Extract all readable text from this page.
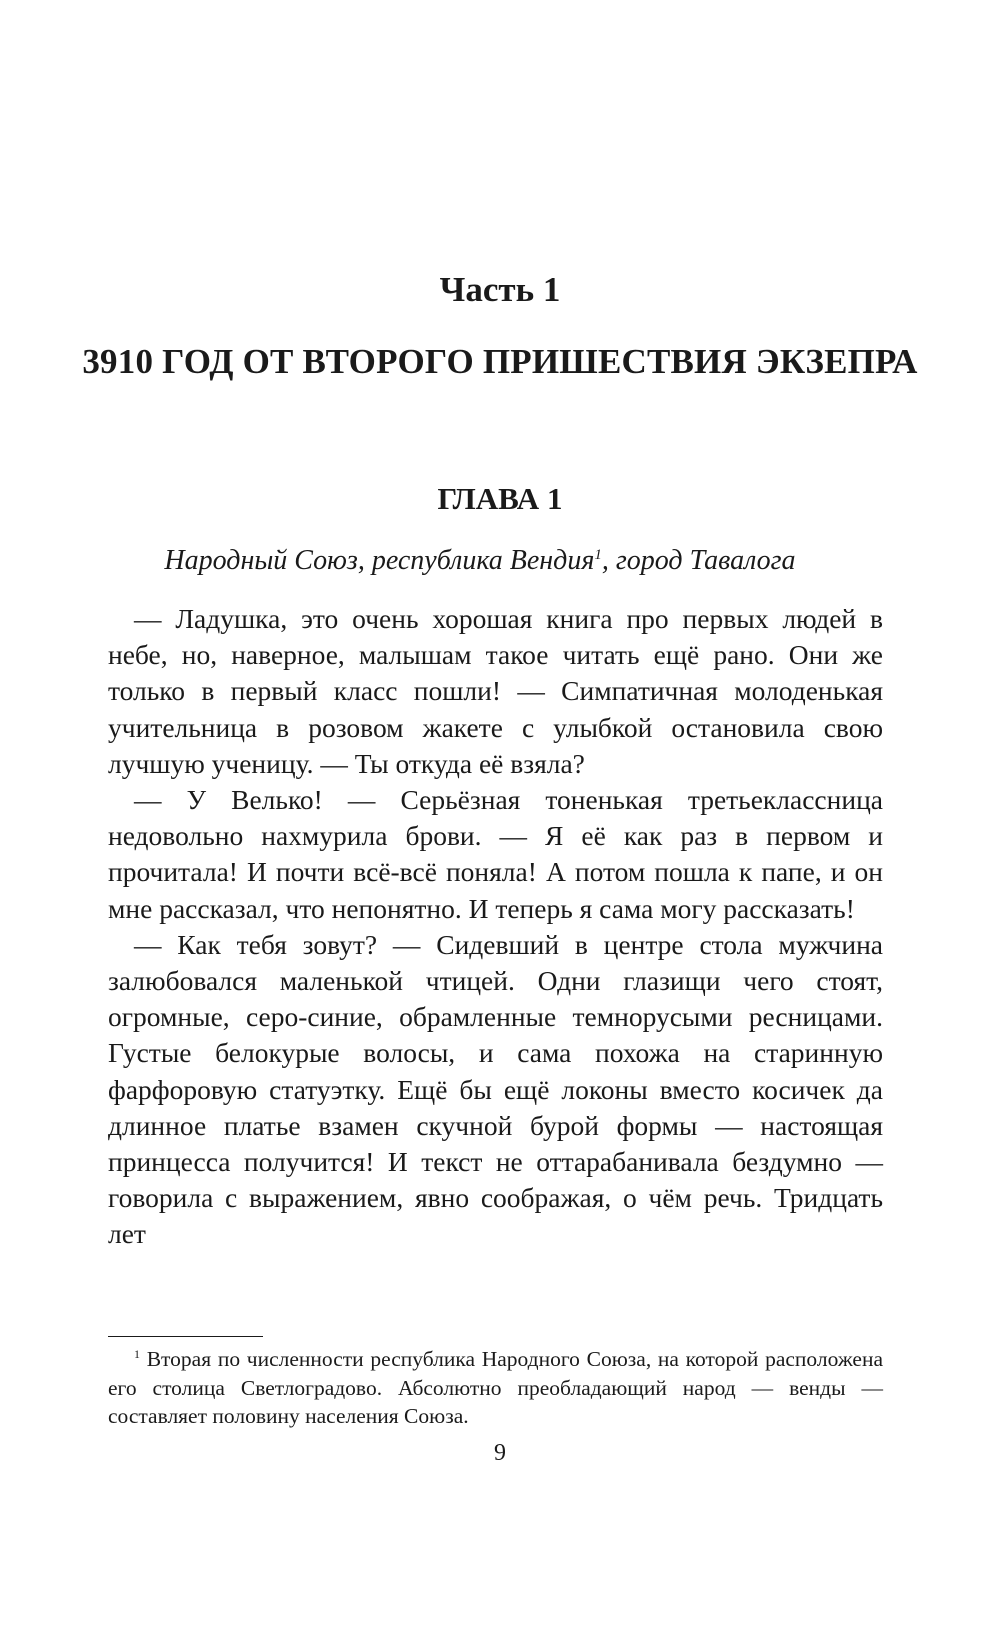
Часть 1
3910 ГОД ОТ ВТОРОГО ПРИШЕСТВИЯ ЭКЗЕПРА
ГЛАВА 1
Народный Союз, республика Вендия$^1$, город Тавалога

— Ладушка, это очень хорошая книга про первых людей в небе, но, наверное, малышам такое читать ещё рано. Они же только в первый класс пошли! — Симпатичная молоденькая учительница в розовом жакете с улыбкой остановила свою лучшую ученицу. — Ты откуда её взяла?

— У Велько! — Серьёзная тоненькая третьеклассница недовольно нахмурила брови. — Я её как раз в первом и прочитала! И почти всё-всё поняла! А потом пошла к папе, и он мне рассказал, что непонятно. И теперь я сама могу рассказать!

— Как тебя зовут? — Сидевший в центре стола мужчина залюбовался маленькой чтицей. Одни глазищи чего стоят, огромные, серо-синие, обрамленные темнорусыми ресницами. Густые белокурые волосы, и сама похожа на старинную фарфоровую статуэтку. Ещё бы ещё локоны вместо косичек да длинное платье взамен скучной бурой формы — настоящая принцесса получится! И текст не оттарабанивала бездумно — говорила с выражением, явно соображая, о чём речь. Тридцать лет

$^1$ Вторая по численности республика Народного Союза, на которой расположена его столица Светлоградово. Абсолютно преобладающий народ — венды — составляет половину населения Союза.

9
